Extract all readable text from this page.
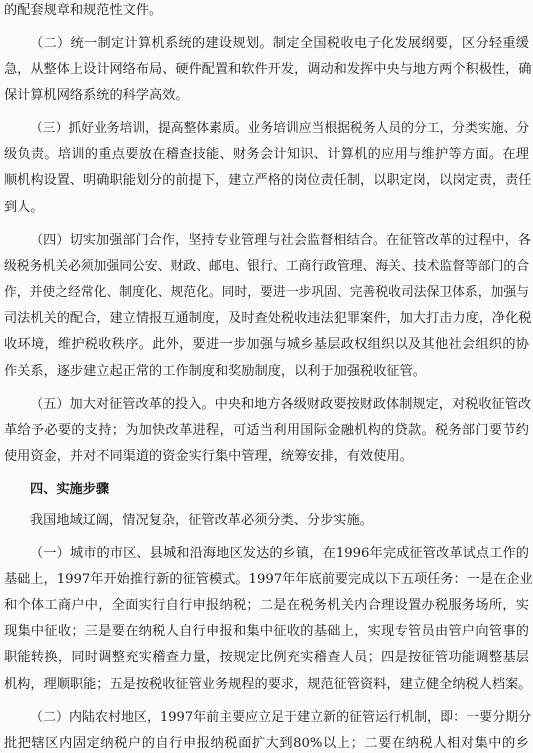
的配套规章和规范性文件。
（二）统一制定计算机系统的建设规划。制定全国税收电子化发展纲要，区分轻重缓
急，从整体上设计网络布局、硬件配置和软件开发，调动和发挥中央与地方两个积极性，确
保计算机网络系统的科学高效。
（三）抓好业务培训，提高整体素质。业务培训应当根据税务人员的分工，分类实施、分
级负责。培训的重点要放在稽查技能、财务会计知识、计算机的应用与维护等方面。在理
顺机构设置、明确职能划分的前提下，建立严格的岗位责任制，以职定岗，以岗定责，责任
到人。
（四）切实加强部门合作，坚持专业管理与社会监督相结合。在征管改革的过程中，各
级税务机关必须加强同公安、财政、邮电、银行、工商行政管理、海关、技术监督等部门的合
作，并使之经常化、制度化、规范化。同时，要进一步巩固、完善税收司法保卫体系，加强与
司法机关的配合，建立情报互通制度，及时查处税收违法犯罪案件，加大打击力度，净化税
收环境，维护税收秩序。此外，要进一步加强与城乡基层政权组织以及其他社会组织的协
作关系，逐步建立起正常的工作制度和奖励制度，以利于加强税收征管。
（五）加大对征管改革的投入。中央和地方各级财政要按财政体制规定，对税收征管改
革给予必要的支持；为加快改革进程，可适当利用国际金融机构的贷款。税务部门要节约
使用资金，并对不同渠道的资金实行集中管理，统筹安排，有效使用。
四、实施步骤
我国地域辽阔，情况复杂，征管改革必须分类、分步实施。
（一）城市的市区、县城和沿海地区发达的乡镇，在1996年完成征管改革试点工作的
基础上，1997年开始推行新的征管模式。1997年年底前要完成以下五项任务：一是在企业
和个体工商户中，全面实行自行申报纳税；二是在税务机关内合理设置办税服务场所，实
现集中征收；三是要在纳税人自行申报和集中征收的基础上，实现专管员由管户向管事的
职能转换，同时调整充实稽查力量，按规定比例充实稽查人员；四是按征管功能调整基层
机构，理顺职能；五是按税收征管业务规程的要求，规范征管资料，建立健全纳税人档案。
（二）内陆农村地区，1997年前主要应立足于建立新的征管运行机制，即：一要分期分
批把辖区内固定纳税户的自行申报纳税面扩大到80%以上；二要在纳税人相对集中的乡
